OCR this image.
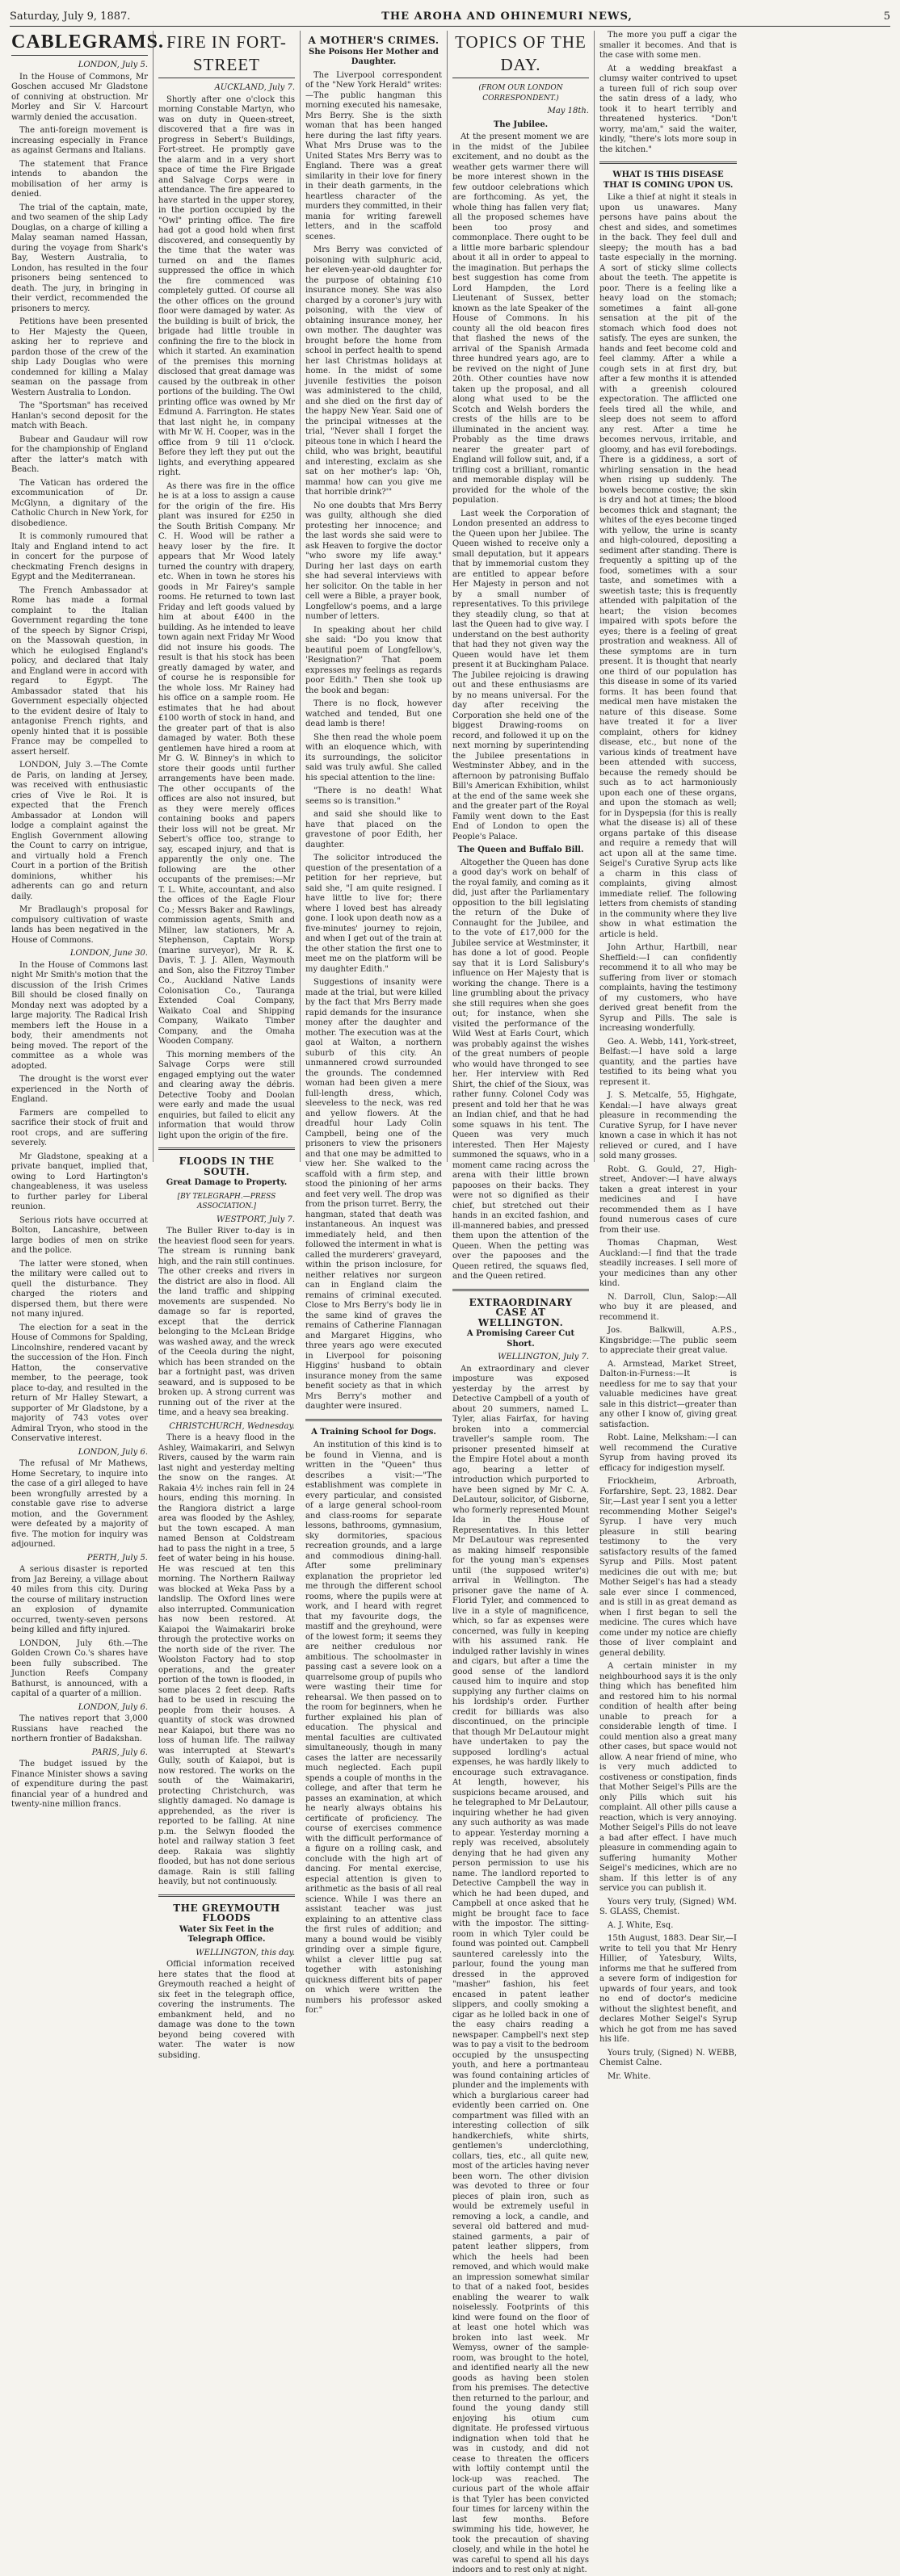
Saturday, July 9, 1887.	THE AROHA AND OHINEMURI NEWS,	5
CABLEGRAMS.
LONDON, July 5.

In the House of Commons, Mr Goschen accused Mr Gladstone of conniving at obstruction. Mr Morley and Sir V. Harcourt warmly denied the accusation.

The anti-foreign movement is increasing especially in France as against Germans and Italians.

The statement that France intends to abandon the mobilisation of her army is denied.

The trial of the captain, mate, and two seamen of the ship Lady Douglas, on a charge of killing a Malay seaman named Hassan, during the voyage from Shark's Bay, Western Australia, to London, has resulted in the four prisoners being sentenced to death. The jury, in bringing in their verdict, recommended the prisoners to mercy.

Petitions have been presented to Her Majesty the Queen, asking her to reprieve and pardon those of the crew of the ship Lady Douglas who were condemned for killing a Malay seaman on the passage from Western Australia to London.

The "Sportsman" has received Hanlan's second deposit for the match with Beach.

Bubear and Gaudaur will row for the championship of England after the latter's match with Beach.

The Vatican has ordered the excommunication of Dr. McGlynn, a dignitary of the Catholic Church in New York, for disobedience.

It is commonly rumoured that Italy and England intend to act in concert for the purpose of checkmating French designs in Egypt and the Mediterranean.

The French Ambassador at Rome has made a formal complaint to the Italian Government regarding the tone of the speech by Signor Crispi, on the Massowah question, in which he eulogised England's policy, and declared that Italy and England were in accord with regard to Egypt. The Ambassador stated that his Government especially objected to the evident desire of Italy to antagonise French rights, and openly hinted that it is possible France may be compelled to assert herself.

LONDON, July 3.—The Comte de Paris, on landing at Jersey, was received with enthusiastic cries of Vive le Roi. It is expected that the French Ambassador at London will lodge a complaint against the English Government allowing the Count to carry on intrigue, and virtually hold a French Court in a portion of the British dominions, whither his adherents can go and return daily.

Mr Bradlaugh's proposal for compulsory cultivation of waste lands has been negatived in the House of Commons.

LONDON, June 30.

In the House of Commons last night Mr Smith's motion that the discussion of the Irish Crimes Bill should be closed finally on Monday next was adopted by a large majority. The Radical Irish members left the House in a body, their amendments not being moved. The report of the committee as a whole was adopted.

The drought is the worst ever experienced in the North of England.

Farmers are compelled to sacrifice their stock of fruit and root crops, and are suffering severely.

Mr Gladstone, speaking at a private banquet, implied that, owing to Lord Hartington's changeableness, it was useless to further parley for Liberal reunion.

Serious riots have occurred at Bolton, Lancashire, between large bodies of men on strike and the police.

The latter were stoned, when the military were called out to quell the disturbance. They charged the rioters and dispersed them, but there were not many injured.

The election for a seat in the House of Commons for Spalding, Lincolnshire, rendered vacant by the succession of the Hon. Finch Hatton, the conservative member, to the peerage, took place to-day, and resulted in the return of Mr Halley Stewart, a supporter of Mr Gladstone, by a majority of 743 votes over Admiral Tryon, who stood in the Conservative interest.

LONDON, July 6.

The refusal of Mr Mathews, Home Secretary, to inquire into the case of a girl alleged to have been wrongfully arrested by a constable gave rise to adverse motion, and the Government were defeated by a majority of five. The motion for inquiry was adjourned.

PERTH, July 5.

A serious disaster is reported from Jaz Bereiny, a village about 40 miles from this city. During the course of military instruction an explosion of dynamite occurred, twenty-seven persons being killed and fifty injured.

LONDON, July 6th.—The Golden Crown Co.'s shares have been fully subscribed. The Junction Reefs Company Bathurst, is announced, with a capital of a quarter of a million.

LONDON, July 6.

The natives report that 3,000 Russians have reached the northern frontier of Badakshan.

PARIS, July 6.

The budget issued by the Finance Minister shows a saving of expenditure during the past financial year of a hundred and twenty-nine million francs.

FIRE IN FORT-STREET
AUCKLAND, July 7.

Shortly after one o'clock this morning Constable Martyn, who was on duty in Queen-street, discovered that a fire was in progress in Sebert's Buildings, Fort-street. He promptly gave the alarm and in a very short space of time the Fire Brigade and Salvage Corps were in attendance. The fire appeared to have started in the upper storey, in the portion occupied by the "Owl" printing office. The fire had got a good hold when first discovered, and consequently by the time that the water was turned on and the flames suppressed the office in which the fire commenced was completely gutted. Of course all the other offices on the ground floor were damaged by water. As the building is built of brick, the brigade had little trouble in confining the fire to the block in which it started. An examination of the premises this morning disclosed that great damage was caused by the outbreak in other portions of the building. The Owl printing office was owned by Mr Edmund A. Farrington. He states that last night he, in company with Mr W. H. Cooper, was in the office from 9 till 11 o'clock. Before they left they put out the lights, and everything appeared right.

As there was fire in the office he is at a loss to assign a cause for the origin of the fire. His plant was insured for £250 in the South British Company. Mr C. H. Wood will be rather a heavy loser by the fire. It appears that Mr Wood lately turned the country with drapery, etc. When in town he stores his goods in Mr Fairey's sample rooms. He returned to town last Friday and left goods valued by him at about £400 in the building. As he intended to leave town again next Friday Mr Wood did not insure his goods. The result is that his stock has been greatly damaged by water, and of course he is responsible for the whole loss. Mr Rainey had his office on a sample room. He estimates that he had about £100 worth of stock in hand, and the greater part of that is also damaged by water. Both these gentlemen have hired a room at Mr G. W. Binney's in which to store their goods until further arrangements have been made. The other occupants of the offices are also not insured, but as they were merely offices containing books and papers their loss will not be great. Mr Sebert's office too, strange to say, escaped injury, and that is apparently the only one. The following are the other occupants of the premises:—Mr T. L. White, accountant, and also the offices of the Eagle Flour Co.; Messrs Baker and Rawlings, commission agents, Smith and Milner, law stationers, Mr A. Stephenson, Captain Worsp (marine surveyor), Mr R. K. Davis, T. J. J. Allen, Waymouth and Son, also the Fitzroy Timber Co., Auckland Native Lands Colonisation Co., Tauranga Extended Coal Company, Waikato Coal and Shipping Company, Waikato Timber Company, and the Omaha Wooden Company.

This morning members of the Salvage Corps were still engaged emptying out the water and clearing away the débris. Detective Tooby and Doolan were early and made the usual enquiries, but failed to elicit any information that would throw light upon the origin of the fire.

FLOODS IN THE SOUTH.
Great Damage to Property.
[BY TELEGRAPH.—PRESS ASSOCIATION.]
WESTPORT, July 7.

The Buller River to-day is in the heaviest flood seen for years. The stream is running bank high, and the rain still continues. The other creeks and rivers in the district are also in flood. All the land traffic and shipping movements are suspended. No damage so far is reported, except that the derrick belonging to the McLean Bridge was washed away, and the wreck of the Ceeola during the night, which has been stranded on the bar a fortnight past, was driven seaward, and is supposed to be broken up. A strong current was running out of the river at the time, and a heavy sea breaking.

CHRISTCHURCH, Wednesday.

There is a heavy flood in the Ashley, Waimakariri, and Selwyn Rivers, caused by the warm rain last night and yesterday melting the snow on the ranges. At Rakaia 4½ inches rain fell in 24 hours, ending this morning. In the Rangiora district a large area was flooded by the Ashley, but the town escaped. A man named Benson at Coldstream had to pass the night in a tree, 5 feet of water being in his house. He was rescued at ten this morning. The Northern Railway was blocked at Weka Pass by a landslip. The Oxford lines were also interrupted. Communication has now been restored. At Kaiapoi the Waimakariri broke through the protective works on the north side of the river. The Woolston Factory had to stop operations, and the greater portion of the town is flooded, in some places 2 feet deep. Rafts had to be used in rescuing the people from their houses. A quantity of stock was drowned near Kaiapoi, but there was no loss of human life. The railway was interrupted at Stewart's Gully, south of Kaiapoi, but is now restored. The works on the south of the Waimakariri, protecting Christchurch, was slightly damaged. No damage is apprehended, as the river is reported to be falling. At nine p.m. the Selwyn flooded the hotel and railway station 3 feet deep. Rakaia was slightly flooded, but has not done serious damage. Rain is still falling heavily, but not continuously.

THE GREYMOUTH FLOODS
Water Six Feet in the Telegraph Office.
WELLINGTON, this day.

Official information received here states that the flood at Greymouth reached a height of six feet in the telegraph office, covering the instruments. The embankment held, and no damage was done to the town beyond being covered with water. The water is now subsiding.

A MOTHER'S CRIMES.
She Poisons Her Mother and Daughter.

The Liverpool correspondent of the "New York Herald" writes:—The public hangman this morning executed his namesake, Mrs Berry. She is the sixth woman that has been hanged here during the last fifty years. What Mrs Druse was to the United States Mrs Berry was to England. There was a great similarity in their love for finery in their death garments, in the heartless character of the murders they committed, in their mania for writing farewell letters, and in the scaffold scenes.

Mrs Berry was convicted of poisoning with sulphuric acid, her eleven-year-old daughter for the purpose of obtaining £10 insurance money. She was also charged by a coroner's jury with poisoning, with the view of obtaining insurance money, her own mother. The daughter was brought before the home from school in perfect health to spend her last Christmas holidays at home. In the midst of some juvenile festivities the poison was administered to the child, and she died on the first day of the happy New Year. Said one of the principal witnesses at the trial, "Never shall I forget the piteous tone in which I heard the child, who was bright, beautiful and interesting, exclaim as she sat on her mother's lap: 'Oh, mamma! how can you give me that horrible drink?'"

No one doubts that Mrs Berry was guilty, although she died protesting her innocence; and the last words she said were to ask Heaven to forgive the doctor "who swore my life away." During her last days on earth she had several interviews with her solicitor. On the table in her cell were a Bible, a prayer book, Longfellow's poems, and a large number of letters.

In speaking about her child she said: "Do you know that beautiful poem of Longfellow's, 'Resignation?' That poem expresses my feelings as regards poor Edith." Then she took up the book and began:

There is no flock, however watched and tended, But one dead lamb is there!

She then read the whole poem with an eloquence which, with its surroundings, the solicitor said was truly awful. She called his special attention to the line:

"There is no death! What seems so is transition."

and said she should like to have that placed on the gravestone of poor Edith, her daughter.

The solicitor introduced the question of the presentation of a petition for her reprieve, but said she, "I am quite resigned. I have little to live for; there where I loved best has already gone. I look upon death now as a five-minutes' journey to rejoin, and when I get out of the train at the other station the first one to meet me on the platform will be my daughter Edith."

Suggestions of insanity were made at the trial, but were killed by the fact that Mrs Berry made rapid demands for the insurance money after the daughter and mother. The execution was at the gaol at Walton, a northern suburb of this city. An unmannered crowd surrounded the grounds. The condemned woman had been given a mere full-length dress, which, sleeveless to the neck, was red and yellow flowers. At the dreadful hour Lady Colin Campbell, being one of the prisoners to view the prisoners and that one may be admitted to view her. She walked to the scaffold with a firm step, and stood the pinioning of her arms and feet very well. The drop was from the prison turret. Berry, the hangman, stated that death was instantaneous. An inquest was immediately held, and then followed the interment in what is called the murderers' graveyard, within the prison inclosure, for neither relatives nor surgeon can in England claim the remains of criminal executed. Close to Mrs Berry's body lie in the same kind of graves the remains of Catherine Flannagan and Margaret Higgins, who three years ago were executed in Liverpool for poisoning Higgins' husband to obtain insurance money from the same benefit society as that in which Mrs Berry's mother and daughter were insured.

A Training School for Dogs.

An institution of this kind is to be found in Vienna, and is written in the "Queen" thus describes a visit:—"The establishment was complete in every particular, and consisted of a large general school-room and class-rooms for separate lessons, bathrooms, gymnasium, sky dormitories, spacious recreation grounds, and a large and commodious dining-hall. After some preliminary explanation the proprietor led me through the different school rooms, where the pupils were at work, and I heard with regret that my favourite dogs, the mastiff and the greyhound, were of the lowest form; it seems they are neither credulous nor ambitious. The schoolmaster in passing cast a severe look on a quarrelsome group of pupils who were wasting their time for rehearsal. We then passed on to the room for beginners, when he further explained his plan of education. The physical and mental faculties are cultivated simultaneously, though in many cases the latter are necessarily much neglected. Each pupil spends a couple of months in the college, and after that term he passes an examination, at which he nearly always obtains his certificate of proficiency. The course of exercises commence with the difficult performance of a figure on a rolling cask, and conclude with the high art of dancing. For mental exercise, especial attention is given to arithmetic as the basis of all real science. While I was there an assistant teacher was just explaining to an attentive class the first rules of addition; and many a bound would be visibly grinding over a simple figure, whilst a clever little pug sat together with astonishing quickness different bits of paper on which were written the numbers his professor asked for."

TOPICS OF THE DAY.
(FROM OUR LONDON CORRESPONDENT.)
May 18th.
The Jubilee.

At the present moment we are in the midst of the Jubilee excitement, and no doubt as the weather gets warmer there will be more interest shown in the few outdoor celebrations which are forthcoming. As yet, the whole thing has fallen very flat; all the proposed schemes have been too prosy and commonplace. There ought to be a little more barbaric splendour about it all in order to appeal to the imagination. But perhaps the best suggestion has come from Lord Hampden, the Lord Lieutenant of Sussex, better known as the late Speaker of the House of Commons. In his county all the old beacon fires that flashed the news of the arrival of the Spanish Armada three hundred years ago, are to be revived on the night of June 20th. Other counties have now taken up the proposal, and all along what used to be the Scotch and Welsh borders the crests of the hills are to be illuminated in the ancient way. Probably as the time draws nearer the greater part of England will follow suit, and, if a trifling cost a brilliant, romantic and memorable display will be provided for the whole of the population.

Last week the Corporation of London presented an address to the Queen upon her Jubilee. The Queen wished to receive only a small deputation, but it appears that by immemorial custom they are entitled to appear before Her Majesty in person and not by a small number of representatives. To this privilege they steadily clung, so that at last the Queen had to give way. I understand on the best authority that had they not given way the Queen would have let them present it at Buckingham Palace. The Jubilee rejoicing is drawing out and these enthusiasms are by no means universal. For the day after receiving the Corporation she held one of the biggest Drawing-rooms on record, and followed it up on the next morning by superintending the Jubilee presentations in Westminster Abbey, and in the afternoon by patronising Buffalo Bill's American Exhibition, whilst at the end of the same week she and the greater part of the Royal Family went down to the East End of London to open the People's Palace.

The Queen and Buffalo Bill.

Altogether the Queen has done a good day's work on behalf of the royal family, and coming as it did, just after the Parliamentary opposition to the bill legislating the return of the Duke of Connaught for the Jubilee, and to the vote of £17,000 for the Jubilee service at Westminster, it has done a lot of good. People say that it is Lord Salisbury's influence on Her Majesty that is working the change. There is a line grumbling about the privacy she still requires when she goes out; for instance, when she visited the performance of the Wild West at Earls Court, which was probably against the wishes of the great numbers of people who would have thronged to see her. Her interview with Red Shirt, the chief of the Sioux, was rather funny. Colonel Cody was present and told her that he was an Indian chief, and that he had some squaws in his tent. The Queen was very much interested. Then Her Majesty summoned the squaws, who in a moment came racing across the arena with their little brown papooses on their backs. They were not so dignified as their chief, but stretched out their hands in an excited fashion, and ill-mannered babies, and pressed them upon the attention of the Queen. When the petting was over the papooses and the Queen retired, the squaws fled, and the Queen retired.

EXTRAORDINARY CASE AT WELLINGTON.
A Promising Career Cut Short.
WELLINGTON, July 7.

An extraordinary and clever imposture was exposed yesterday by the arrest by Detective Campbell of a youth of about 20 summers, named L. Tyler, alias Fairfax, for having broken into a commercial traveller's sample room. The prisoner presented himself at the Empire Hotel about a month ago, bearing a letter of introduction which purported to have been signed by Mr C. A. DeLautour, solicitor, of Gisborne, who formerly represented Mount Ida in the House of Representatives. In this letter Mr DeLautour was represented as making himself responsible for the young man's expenses until (the supposed writer's) arrival in Wellington. The prisoner gave the name of A. Florid Tyler, and commenced to live in a style of magnificence, which, so far as expenses were concerned, was fully in keeping with his assumed rank. He indulged rather lavishly in wines and cigars, but after a time the good sense of the landlord caused him to inquire and stop supplying any further claims on his lordship's order. Further credit for billiards was also discontinued, on the principle that though Mr DeLautour might have undertaken to pay the supposed lordling's actual expenses, he was hardly likely to encourage such extravagance. At length, however, his suspicions became aroused, and he telegraphed to Mr DeLautour, inquiring whether he had given any such authority as was made to appear. Yesterday morning a reply was received, absolutely denying that he had given any person permission to use his name. The landlord reported to Detective Campbell the way in which he had been duped, and Campbell at once asked that he might be brought face to face with the impostor. The sitting-room in which Tyler could be found was pointed out. Campbell sauntered carelessly into the parlour, found the young man dressed in the approved "masher" fashion, his feet encased in patent leather slippers, and coolly smoking a cigar as he lolled back in one of the easy chairs reading a newspaper. Campbell's next step was to pay a visit to the bedroom occupied by the unsuspecting youth, and here a portmanteau was found containing articles of plunder and the implements with which a burglarious career had evidently been carried on. One compartment was filled with an interesting collection of silk handkerchiefs, white shirts, gentlemen's underclothing, collars, ties, etc., all quite new, most of the articles having never been worn. The other division was devoted to three or four pieces of plain iron, such as would be extremely useful in removing a lock, a candle, and several old battered and mud-stained garments, a pair of patent leather slippers, from which the heels had been removed, and which would make an impression somewhat similar to that of a naked foot, besides enabling the wearer to walk noiselessly. Footprints of this kind were found on the floor of at least one hotel which was broken into last week. Mr Wemyss, owner of the sample-room, was brought to the hotel, and identified nearly all the new goods as having been stolen from his premises. The detective then returned to the parlour, and found the young dandy still enjoying his otium cum dignitate. He professed virtuous indignation when told that he was in custody, and did not cease to threaten the officers with loftily contempt until the lock-up was reached. The curious part of the whole affair is that Tyler has been convicted four times for larceny within the last few months. Before swimming his tide, however, he took the precaution of shaving closely, and while in the hotel he was careful to spend all his days indoors and to rest only at night.

The more you puff a cigar the smaller it becomes. And that is the case with some men.

At a wedding breakfast a clumsy waiter contrived to upset a tureen full of rich soup over the satin dress of a lady, who took it to heart terribly and threatened hysterics. "Don't worry, ma'am," said the waiter, kindly, "there's lots more soup in the kitchen."

WHAT IS THIS DISEASE THAT IS COMING UPON US.

Like a thief at night it steals in upon us unawares. Many persons have pains about the chest and sides, and sometimes in the back. They feel dull and sleepy; the mouth has a bad taste especially in the morning. A sort of sticky slime collects about the teeth. The appetite is poor. There is a feeling like a heavy load on the stomach; sometimes a faint all-gone sensation at the pit of the stomach which food does not satisfy. The eyes are sunken, the hands and feet become cold and feel clammy. After a while a cough sets in at first dry, but after a few months it is attended with a greenish coloured expectoration. The afflicted one feels tired all the while, and sleep does not seem to afford any rest. After a time he becomes nervous, irritable, and gloomy, and has evil forebodings. There is a giddiness, a sort of whirling sensation in the head when rising up suddenly. The bowels become costive; the skin is dry and hot at times; the blood becomes thick and stagnant; the whites of the eyes become tinged with yellow, the urine is scanty and high-coloured, depositing a sediment after standing. There is frequently a spitting up of the food, sometimes with a sour taste, and sometimes with a sweetish taste; this is frequently attended with palpitation of the heart; the vision becomes impaired with spots before the eyes; there is a feeling of great prostration and weakness. All of these symptoms are in turn present. It is thought that nearly one third of our population has this disease in some of its varied forms. It has been found that medical men have mistaken the nature of this disease. Some have treated it for a liver complaint, others for kidney disease, etc., but none of the various kinds of treatment have been attended with success, because the remedy should be such as to act harmoniously upon each one of these organs, and upon the stomach as well; for in Dyspepsia (for this is really what the disease is) all of these organs partake of this disease and require a remedy that will act upon all at the same time. Seigel's Curative Syrup acts like a charm in this class of complaints, giving almost immediate relief. The following letters from chemists of standing in the community where they live show in what estimation the article is held.

John Arthur, Hartbill, near Sheffield:—I can confidently recommend it to all who may be suffering from liver or stomach complaints, having the testimony of my customers, who have derived great benefit from the Syrup and Pills. The sale is increasing wonderfully.

Geo. A. Webb, 141, York-street, Belfast:—I have sold a large quantity, and the parties have testified to its being what you represent it.

J. S. Metcalfe, 55, Highgate, Kendal:—I have always great pleasure in recommending the Curative Syrup, for I have never known a case in which it has not relieved or cured, and I have sold many grosses.

Robt. G. Gould, 27, High-street, Andover:—I have always taken a great interest in your medicines and I have recommended them as I have found numerous cases of cure from their use.

Thomas Chapman, West Auckland:—I find that the trade steadily increases. I sell more of your medicines than any other kind.

N. Darroll, Clun, Salop:—All who buy it are pleased, and recommend it.

Jos. Balkwill, A.P.S., Kingsbridge:—The public seem to appreciate their great value.

A. Armstead, Market Street, Dalton-in-Furness:—It is needless for me to say that your valuable medicines have great sale in this district—greater than any other I know of, giving great satisfaction.

Robt. Laine, Melksham:—I can well recommend the Curative Syrup from having proved its efficacy for indigestion myself.

Friockheim, Arbroath, Forfarshire, Sept. 23, 1882. Dear Sir,—Last year I sent you a letter recommending Mother Seigel's Syrup. I have very much pleasure in still bearing testimony to the very satisfactory results of the famed Syrup and Pills. Most patent medicines die out with me; but Mother Seigel's has had a steady sale ever since I commenced, and is still in as great demand as when I first began to sell the medicine. The cures which have come under my notice are chiefly those of liver complaint and general debility.

A certain minister in my neighbourhood says it is the only thing which has benefited him and restored him to his normal condition of health after being unable to preach for a considerable length of time. I could mention also a great many other cases, but space would not allow. A near friend of mine, who is very much addicted to costiveness or constipation, finds that Mother Seigel's Pills are the only Pills which suit his complaint. All other pills cause a reaction, which is very annoying. Mother Seigel's Pills do not leave a bad after effect. I have much pleasure in commending again to suffering humanity Mother Seigel's medicines, which are no sham. If this letter is of any service you can publish it.

Yours very truly, (Signed) WM. S. GLASS, Chemist.

A. J. White, Esq.

15th August, 1883. Dear Sir,—I write to tell you that Mr Henry Hillier, of Yatesbury, Wilts, informs me that he suffered from a severe form of indigestion for upwards of four years, and took no end of doctor's medicine without the slightest benefit, and declares Mother Seigel's Syrup which he got from me has saved his life.

Yours truly, (Signed) N. WEBB, Chemist Calne.

Mr. White.
